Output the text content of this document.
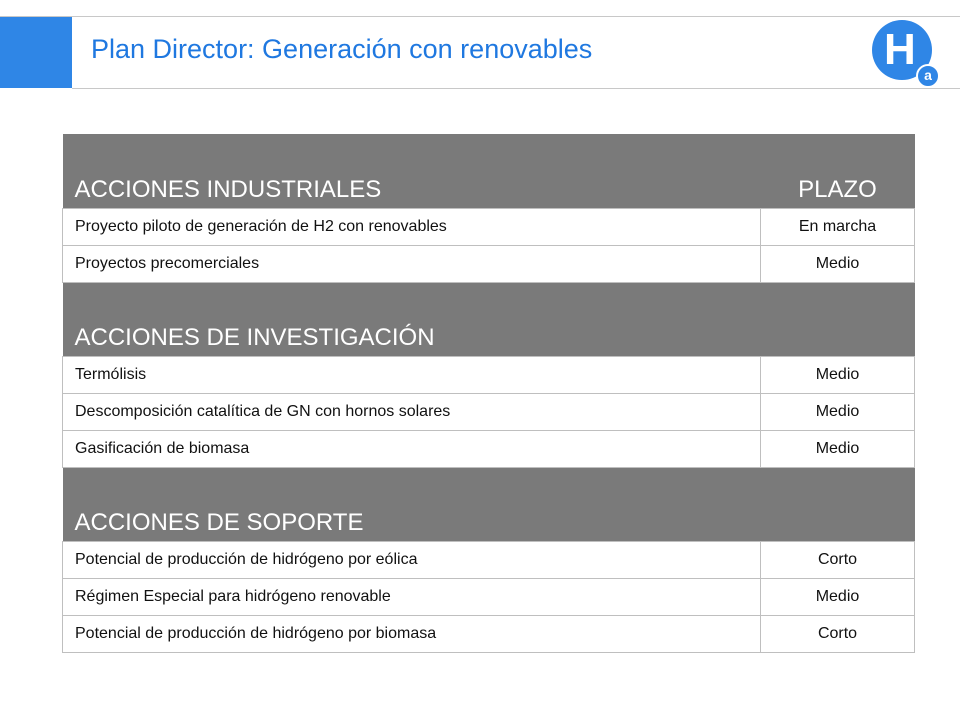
Plan Director: Generación con renovables	H
a
ACCIONES INDUSTRIALES	PLAZO
Proyecto piloto de generación de H2 con renovables	En marcha
Proyectos precomerciales	Medio
ACCIONES DE INVESTIGACIÓN	
Termólisis	Medio
Descomposición catalítica de GN con hornos solares	Medio
Gasificación de biomasa	Medio
ACCIONES DE SOPORTE	
Potencial de producción de hidrógeno por eólica	Corto
Régimen Especial para hidrógeno renovable	Medio
Potencial de producción de hidrógeno por biomasa	Corto
